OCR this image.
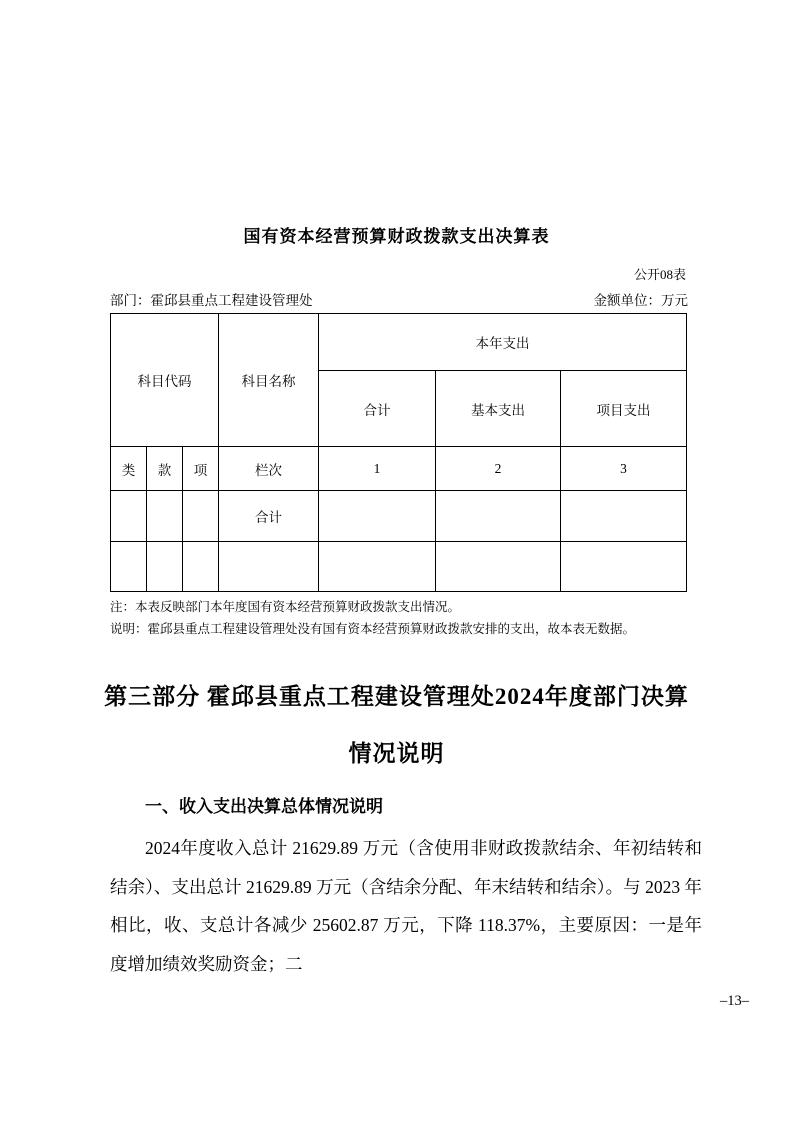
国有资本经营预算财政拨款支出决算表
公开08表
部门：霍邱县重点工程建设管理处	金额单位：万元
科目代码			科目名称	本年支出		
				合计	基本支出	项目支出
类	款	项	栏次	1	2	3
			合计			

注：本表反映部门本年度国有资本经营预算财政拨款支出情况。
说明：霍邱县重点工程建设管理处没有国有资本经营预算财政拨款安排的支出，故本表无数据。
第三部分 霍邱县重点工程建设管理处2024年度部门决算
情况说明
一、收入支出决算总体情况说明
2024年度收入总计 21629.89 万元（含使用非财政拨款结余、年初结转和结余）、支出总计 21629.89 万元（含结余分配、年末结转和结余）。与 2023 年相比，收、支总计各减少 25602.87 万元，下降 118.37%，主要原因：一是年度增加绩效奖励资金；二
–13–
